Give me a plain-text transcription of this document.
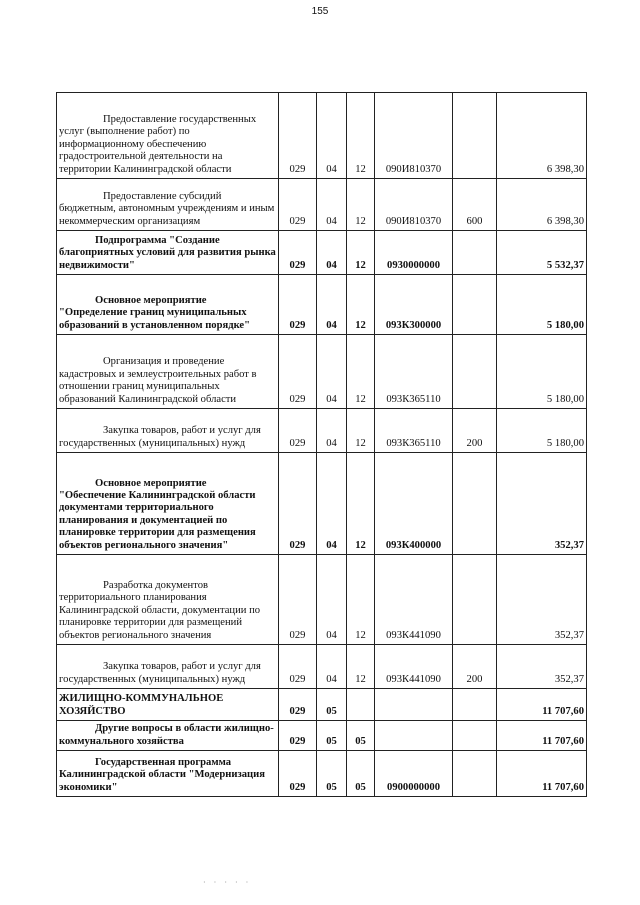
155
Предоставление государственных услуг (выполнение работ) по информационному обеспечению градостроительной деятельности на территории Калининградской области	029	04	12	090И810370		6 398,30
Предоставление субсидий бюджетным, автономным учреждениям и иным некоммерческим организациям	029	04	12	090И810370	600	6 398,30
Подпрограмма "Создание благоприятных условий для развития рынка недвижимости"	029	04	12	0930000000		5 532,37
Основное мероприятие "Определение границ муниципальных образований в установленном порядке"	029	04	12	093К300000		5 180,00
Организация и проведение кадастровых и землеустроительных работ в отношении границ муниципальных образований Калининградской области	029	04	12	093К365110		5 180,00
Закупка товаров, работ и услуг для государственных (муниципальных) нужд	029	04	12	093К365110	200	5 180,00
Основное мероприятие "Обеспечение Калининградской области документами территориального планирования и документацией по планировке территории для размещения объектов регионального значения"	029	04	12	093К400000		352,37
Разработка документов территориального планирования Калининградской области, документации по планировке территории для размещений объектов регионального значения	029	04	12	093К441090		352,37
Закупка товаров, работ и услуг для государственных (муниципальных) нужд	029	04	12	093К441090	200	352,37
ЖИЛИЩНО-КОММУНАЛЬНОЕ ХОЗЯЙСТВО	029	05				11 707,60
Другие вопросы в области жилищно-коммунального хозяйства	029	05	05			11 707,60
Государственная программа Калининградской области "Модернизация экономики"	029	05	05	0900000000		11 707,60
· · · · ·
